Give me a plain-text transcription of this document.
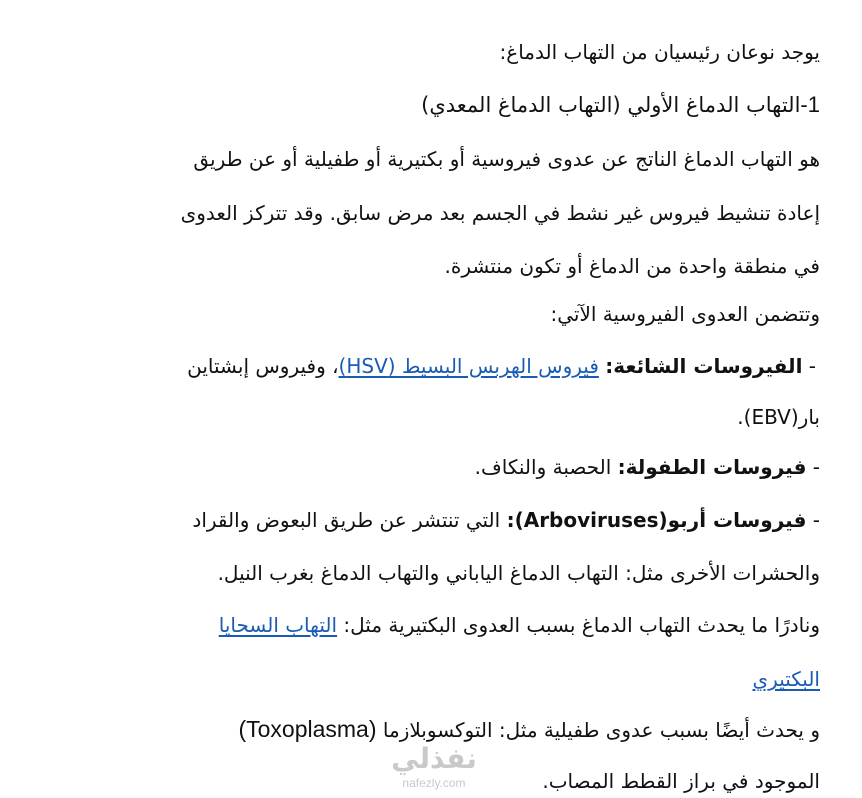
يوجد نوعان رئيسيان من التهاب الدماغ:
1-التهاب الدماغ الأولي (التهاب الدماغ المعدي)
هو التهاب الدماغ الناتج عن عدوى فيروسية أو بكتيرية أو طفيلية أو عن طريق
إعادة تنشيط فيروس غير نشط في الجسم بعد مرض سابق. وقد تتركز العدوى
في منطقة واحدة من الدماغ أو تكون منتشرة.
وتتضمن العدوى الفيروسية الآتي:
- الفيروسات الشائعة: فيروس الهربس البسيط (HSV)، وفيروس إبشتاين
بار(EBV).
- فيروسات الطفولة: الحصبة والنكاف.
- فيروسات أربو(Arboviruses): التي تنتشر عن طريق البعوض والقراد
والحشرات الأخرى مثل: التهاب الدماغ الياباني والتهاب الدماغ بغرب النيل.
ونادرًا ما يحدث التهاب الدماغ بسبب العدوى البكتيرية مثل: التهاب السحايا
البكتيري
و يحدث أيضًا بسبب عدوى طفيلية مثل: التوكسوبلازما (Toxoplasma)
الموجود في براز القطط المصاب.
نفذلي
nafezly.com
